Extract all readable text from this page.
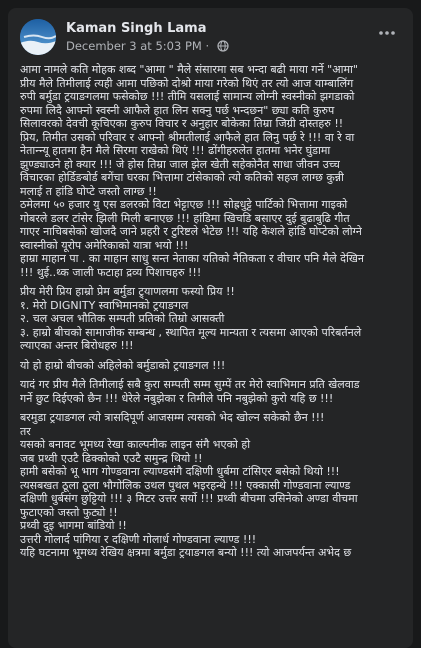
Kaman Singh Lama
December 3 at 5:03 PM ·

आमा नामले कति मोहक शब्द "आमा " मैले संसारमा सब भन्दा बढी माया गर्ने "आमा"
प्रीय मैले तिमीलाई त्यही आमा पछिको दोश्रो माया गरेको थिएं तर त्यो आज याम्बालिंग
रुपी बर्मुडा ट्रयाङगलमा फसेकोछ !!! तीमि यसलाई सामान्य लोग्नी स्वस्नीको झगडाको
रुपमा लिदै आफ्नो स्वस्नी आफैले हात लिन सक्नु पर्छ भन्दछन" छ्या कति कुरुप
सिलावरको देवची कूचिएका कुरुप विचार र अनुहार बोकेका तिम्रा जिग्री दोस्तहरु !!
प्रिय, तिमीत उसको परिवार र आफ्नो श्रीमतीलाई आफैले हात लिनु पर्छ रे !!! वा रे वा
नेतान्न्यू हातमा हैन मैले सिरमा राखेको थिएं !!! ढोंगीहरुलेत हातमा भनेर घुंडामा
झुण्ड्याउने हो क्यार !!! जे होस तिम्रा जाल झेल खेती सहेकोनैत साधा जीवन उच्च
विचारका होर्डिङबोर्ड बगेंचा घरका भित्तामा टांसेकाको त्यो कतिको सहज लाग्छ कुन्नी
मलाई त हांडि घोप्टे जस्तो लाग्छ !!
ठमेलमा ५० हजार यु एस डलरको विटा भेट्टाएछ !!! सोह्रधुट्टे पार्टिको भित्तामा गाइको
गोबरले डलर टांसेर झिली मिली बनाएछ !!! हांडिमा खिचडि बसाएर दुई बुढाबुढि गीत
गाएर नाचिबसेको खोजदै जाने प्रहरी र टुरिष्टले भेटेछ !!! यहि केशले हांडि घोप्टेको लोग्ने
स्वास्नीको यूरोप अमेरिकाको यात्रा भयो !!!
हाम्रा माहान पा . का माहान साधु सन्त नेताका यतिको नैतिकता र वीचार पनि मैले देखिन
!!! थुई..थ्क जाली फटाहा द्रव्य पिशाचहरु !!!

प्रीय मेरी प्रिय हाम्रो प्रेम बर्मुडा ट्र्याणलमा फस्यो प्रिय !!
१. मेरो DIGNITY स्वाभिमानको ट्रयाङगल
२. चल अचल भौतिक सम्पती प्रतिको तिम्रो आसक्ती
३. हाम्रो बीचको सामाजीक सम्बन्ध , स्थापित मूल्य मान्यता र त्यसमा आएको परिबर्तनले
ल्याएका अन्तर बिरोधहरु !!!

यो हो हाम्रो बीचको अहिलेको बर्मुडाको ट्रयाङगल !!!

यादं गर प्रीय मैले तिमीलाई सबै कुरा सम्पती सम्म सुम्पें तर मेरो स्वाभिमान प्रति खेलवाड
गर्ने छुट दिईएको छैन !!! धेरेले नबुझेका र तिमीले पनि नबुझेको कुरो यहि छ !!!

बरमुडा ट्रयाङगल त्यो त्रासदिपूर्ण आजसम्म त्यसको भेद खोल्न सकेको छैन !!!
तर
यसको बनावट भूमध्य रेखा काल्पनीक लाइन संगै भएको हो
जब प्रथ्वी एउटै ढिक्कोको एउटै समुन्द्र थियो !!
हामी बसेको भू भाग गोण्डवाना ल्याण्डसंगै दक्षिणी धुर्बमा टांसिएर बसेको थियो !!!
त्यसबखत ठूला ठूला भौगोलिक उथल पुथल भइरहन्थे !!! एक्कासी गोण्डवाना ल्याण्ड
दक्षिणी धुर्बसंग छुट्टियो !!! ३ मिटर उत्तर सर्यो !!! प्रथ्वी बीचमा उसिनेको अण्डा वीचमा
फुटाएको जस्तो फुट्यो !!
प्रथ्वी दुइ भागमा बांडियो !!
उत्तरी गोलार्द पांगिया र दक्षिणी गोलार्ध गोण्डवाना ल्याण्ड !!!
यहि घटनामा भूमध्य रेखिय क्षत्रमा बर्मुडा ट्रयाङगल बन्यो !!! त्यो आजपर्यन्त अभेद छ
